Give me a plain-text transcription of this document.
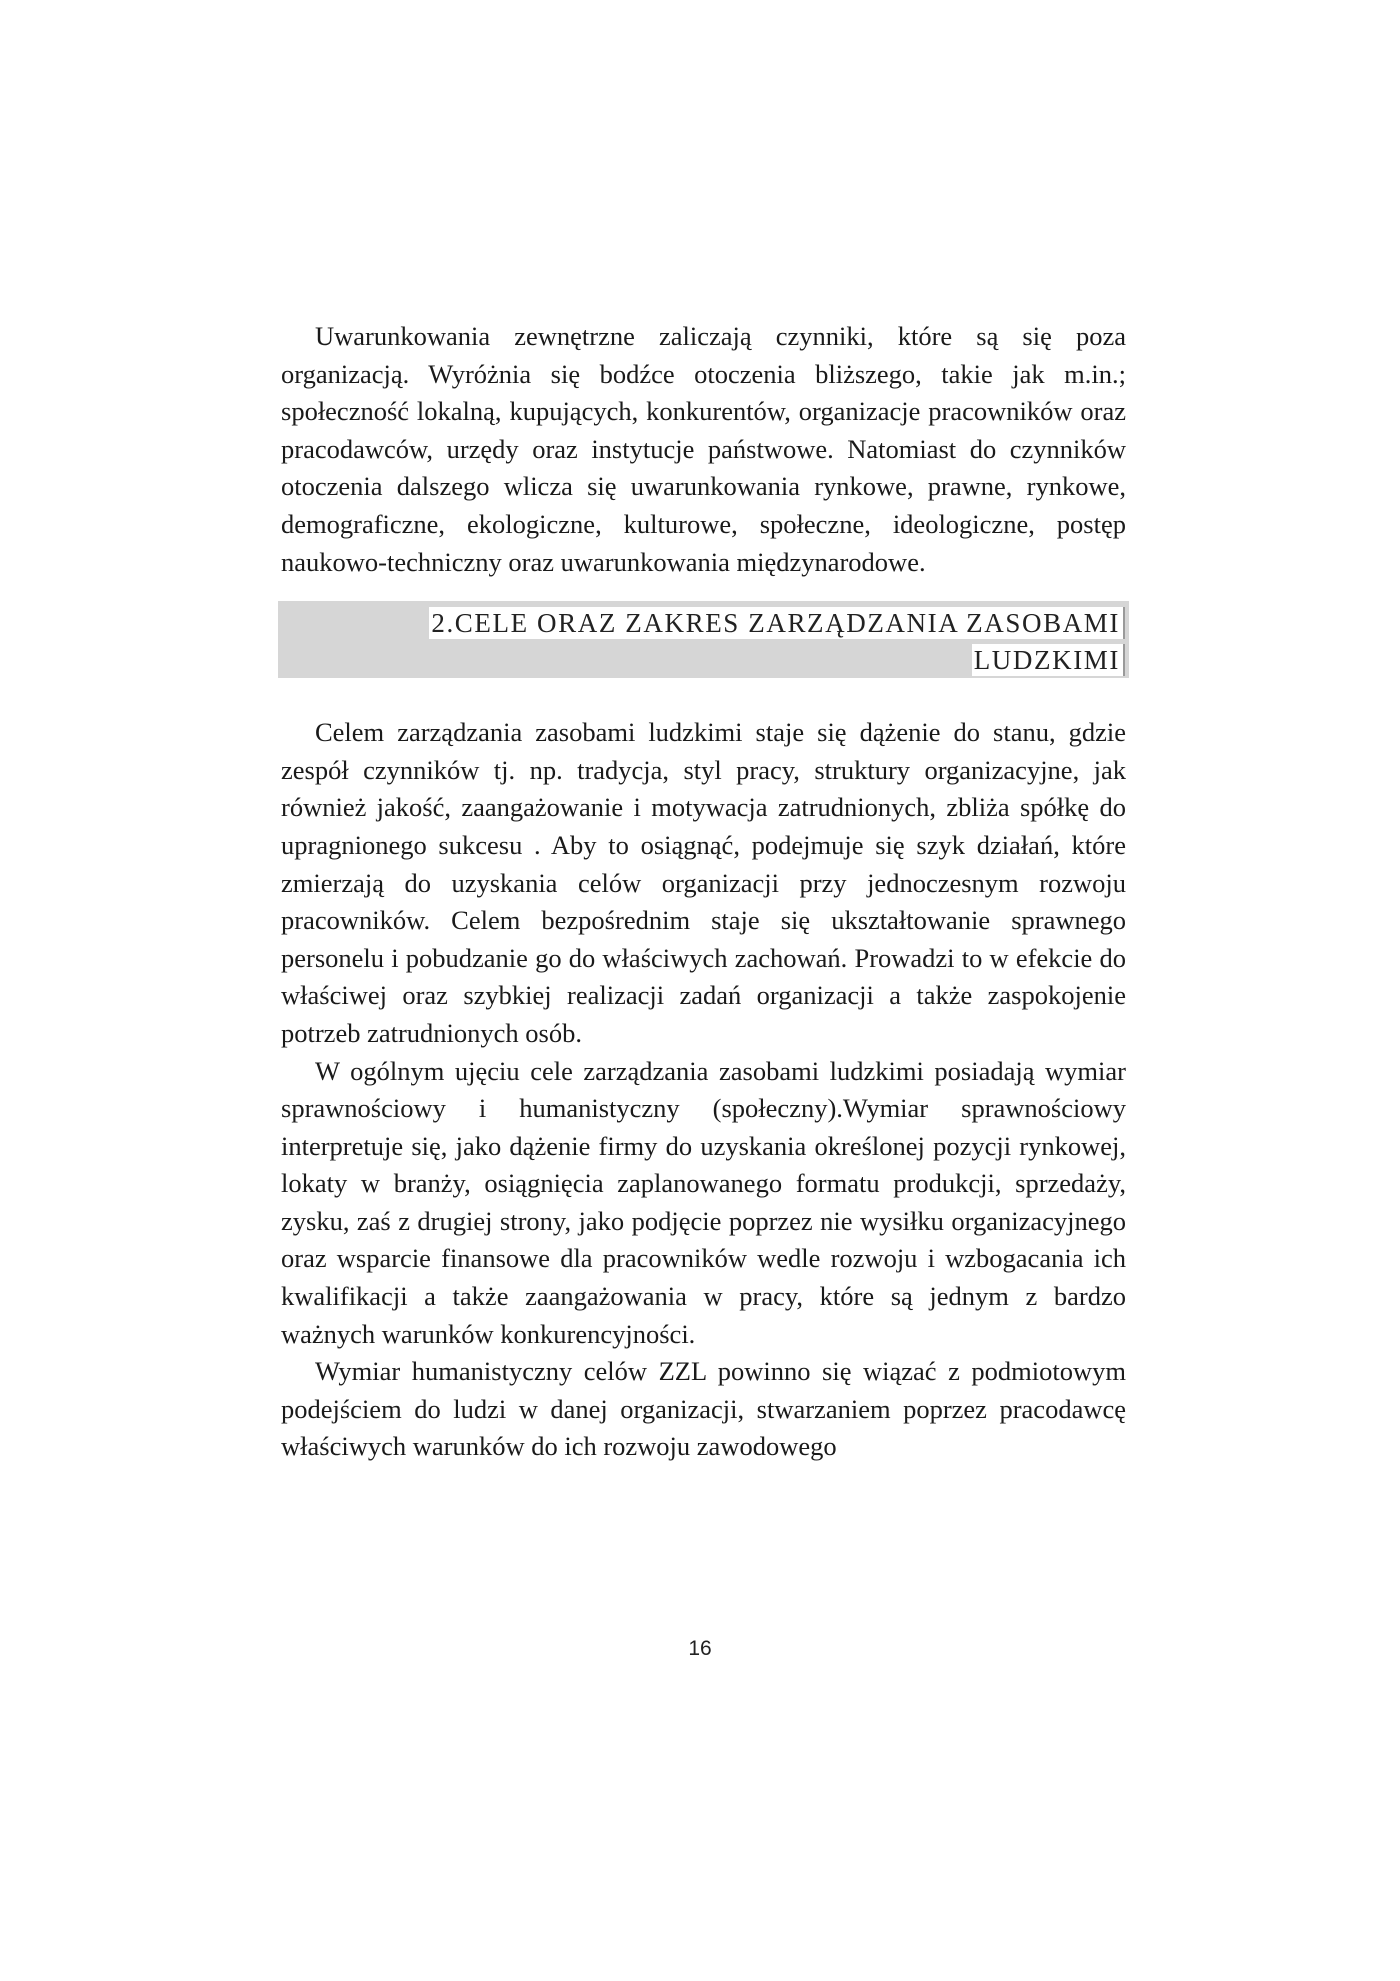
Uwarunkowania zewnętrzne zaliczają czynniki, które są się poza organizacją. Wyróżnia się bodźce otoczenia bliższego, takie jak m.in.; społeczność lokalną, kupujących, konkurentów, organizacje pracowników oraz pracodawców, urzędy oraz instytucje państwowe. Natomiast do czynników otoczenia dalszego wlicza się uwarunkowania rynkowe, prawne, rynkowe, demograficzne, ekologiczne, kulturowe, społeczne, ideologiczne, postęp naukowo-techniczny oraz uwarunkowania międzynarodowe.

2.CELE ORAZ ZAKRES ZARZĄDZANIA ZASOBAMI
LUDZKIMI

Celem zarządzania zasobami ludzkimi staje się dążenie do stanu, gdzie zespół czynników tj. np. tradycja, styl pracy, struktury organizacyjne, jak również jakość, zaangażowanie i motywacja zatrudnionych, zbliża spółkę do upragnionego sukcesu . Aby to osiągnąć, podejmuje się szyk działań, które zmierzają do uzyskania celów organizacji przy jednoczesnym rozwoju pracowników. Celem bezpośrednim staje się ukształtowanie sprawnego personelu i pobudzanie go do właściwych zachowań. Prowadzi to w efekcie do właściwej oraz szybkiej realizacji zadań organizacji a także zaspokojenie potrzeb zatrudnionych osób.

W ogólnym ujęciu cele zarządzania zasobami ludzkimi posiadają wymiar sprawnościowy i humanistyczny (społeczny).Wymiar sprawnościowy interpretuje się, jako dążenie firmy do uzyskania określonej pozycji rynkowej, lokaty w branży, osiągnięcia zaplanowanego formatu produkcji, sprzedaży, zysku, zaś z drugiej strony, jako podjęcie poprzez nie wysiłku organizacyjnego oraz wsparcie finansowe dla pracowników wedle rozwoju i wzbogacania ich kwalifikacji a także zaangażowania w pracy, które są jednym z bardzo ważnych warunków konkurencyjności.

Wymiar humanistyczny celów ZZL powinno się wiązać z podmiotowym podejściem do ludzi w danej organizacji, stwarzaniem poprzez pracodawcę właściwych warunków do ich rozwoju zawodowego

16
